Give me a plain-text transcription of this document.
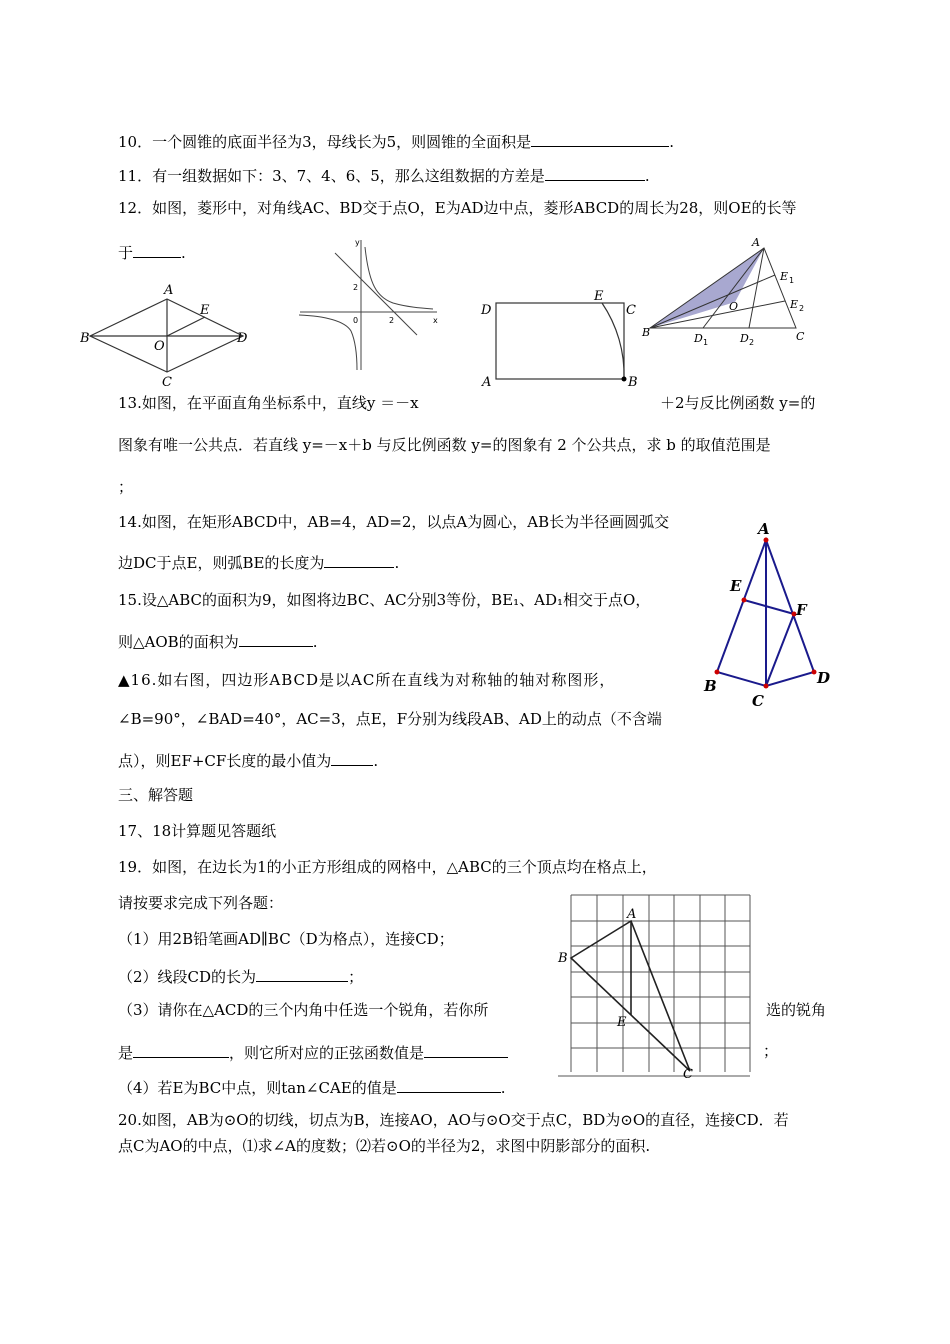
10．一个圆锥的底面半径为3，母线长为5，则圆锥的全面积是	.
11．有一组数据如下：3、7、4、6、5，那么这组数据的方差是	.
12．如图，菱形中，对角线AC、BD交于点O，E为AD边中点，菱形ABCD的周长为28，则OE的长等
于	.
A
B
C
D
E
O
y
x
0	2
2
D
E
C
A	B
A
E 1
E 2
O
B	D 1	D 2	C
13.如图，在平面直角坐标系中，直线y ＝－x	＋2与反比例函数 y=的
图象有唯一公共点．若直线 y=－x＋b 与反比例函数 y=的图象有 2 个公共点，求 b 的取值范围是
；
14.如图，在矩形ABCD中，AB=4，AD=2，以点A为圆心，AB长为半径画圆弧交
边DC于点E，则弧BE的长度为	.
15.设△ABC的面积为9，如图将边BC、AC分别3等份，BE₁、AD₁相交于点O，
则△AOB的面积为	.
▲16.如右图，四边形ABCD是以AC所在直线为对称轴的轴对称图形，
∠B=90°，∠BAD=40°，AC=3，点E，F分别为线段AB、AD上的动点（不含端
点），则EF+CF长度的最小值为	.
A
E
F
B
C
D
三、解答题
17、18计算题见答题纸
19．如图，在边长为1的小正方形组成的网格中，△ABC的三个顶点均在格点上，
请按要求完成下列各题：
（1）用2B铅笔画AD∥BC（D为格点），连接CD；
（2）线段CD的长为	；
（3）请你在△ACD的三个内角中任选一个锐角，若你所	选的锐角
是	，则它所对应的正弦函数值是	；
（4）若E为BC中点，则tan∠CAE的值是	.
A
B
E
C
20.如图，AB为⊙O的切线，切点为B，连接AO，AO与⊙O交于点C，BD为⊙O的直径，连接CD．若
点C为AO的中点，⑴求∠A的度数；⑵若⊙O的半径为2，求图中阴影部分的面积.
